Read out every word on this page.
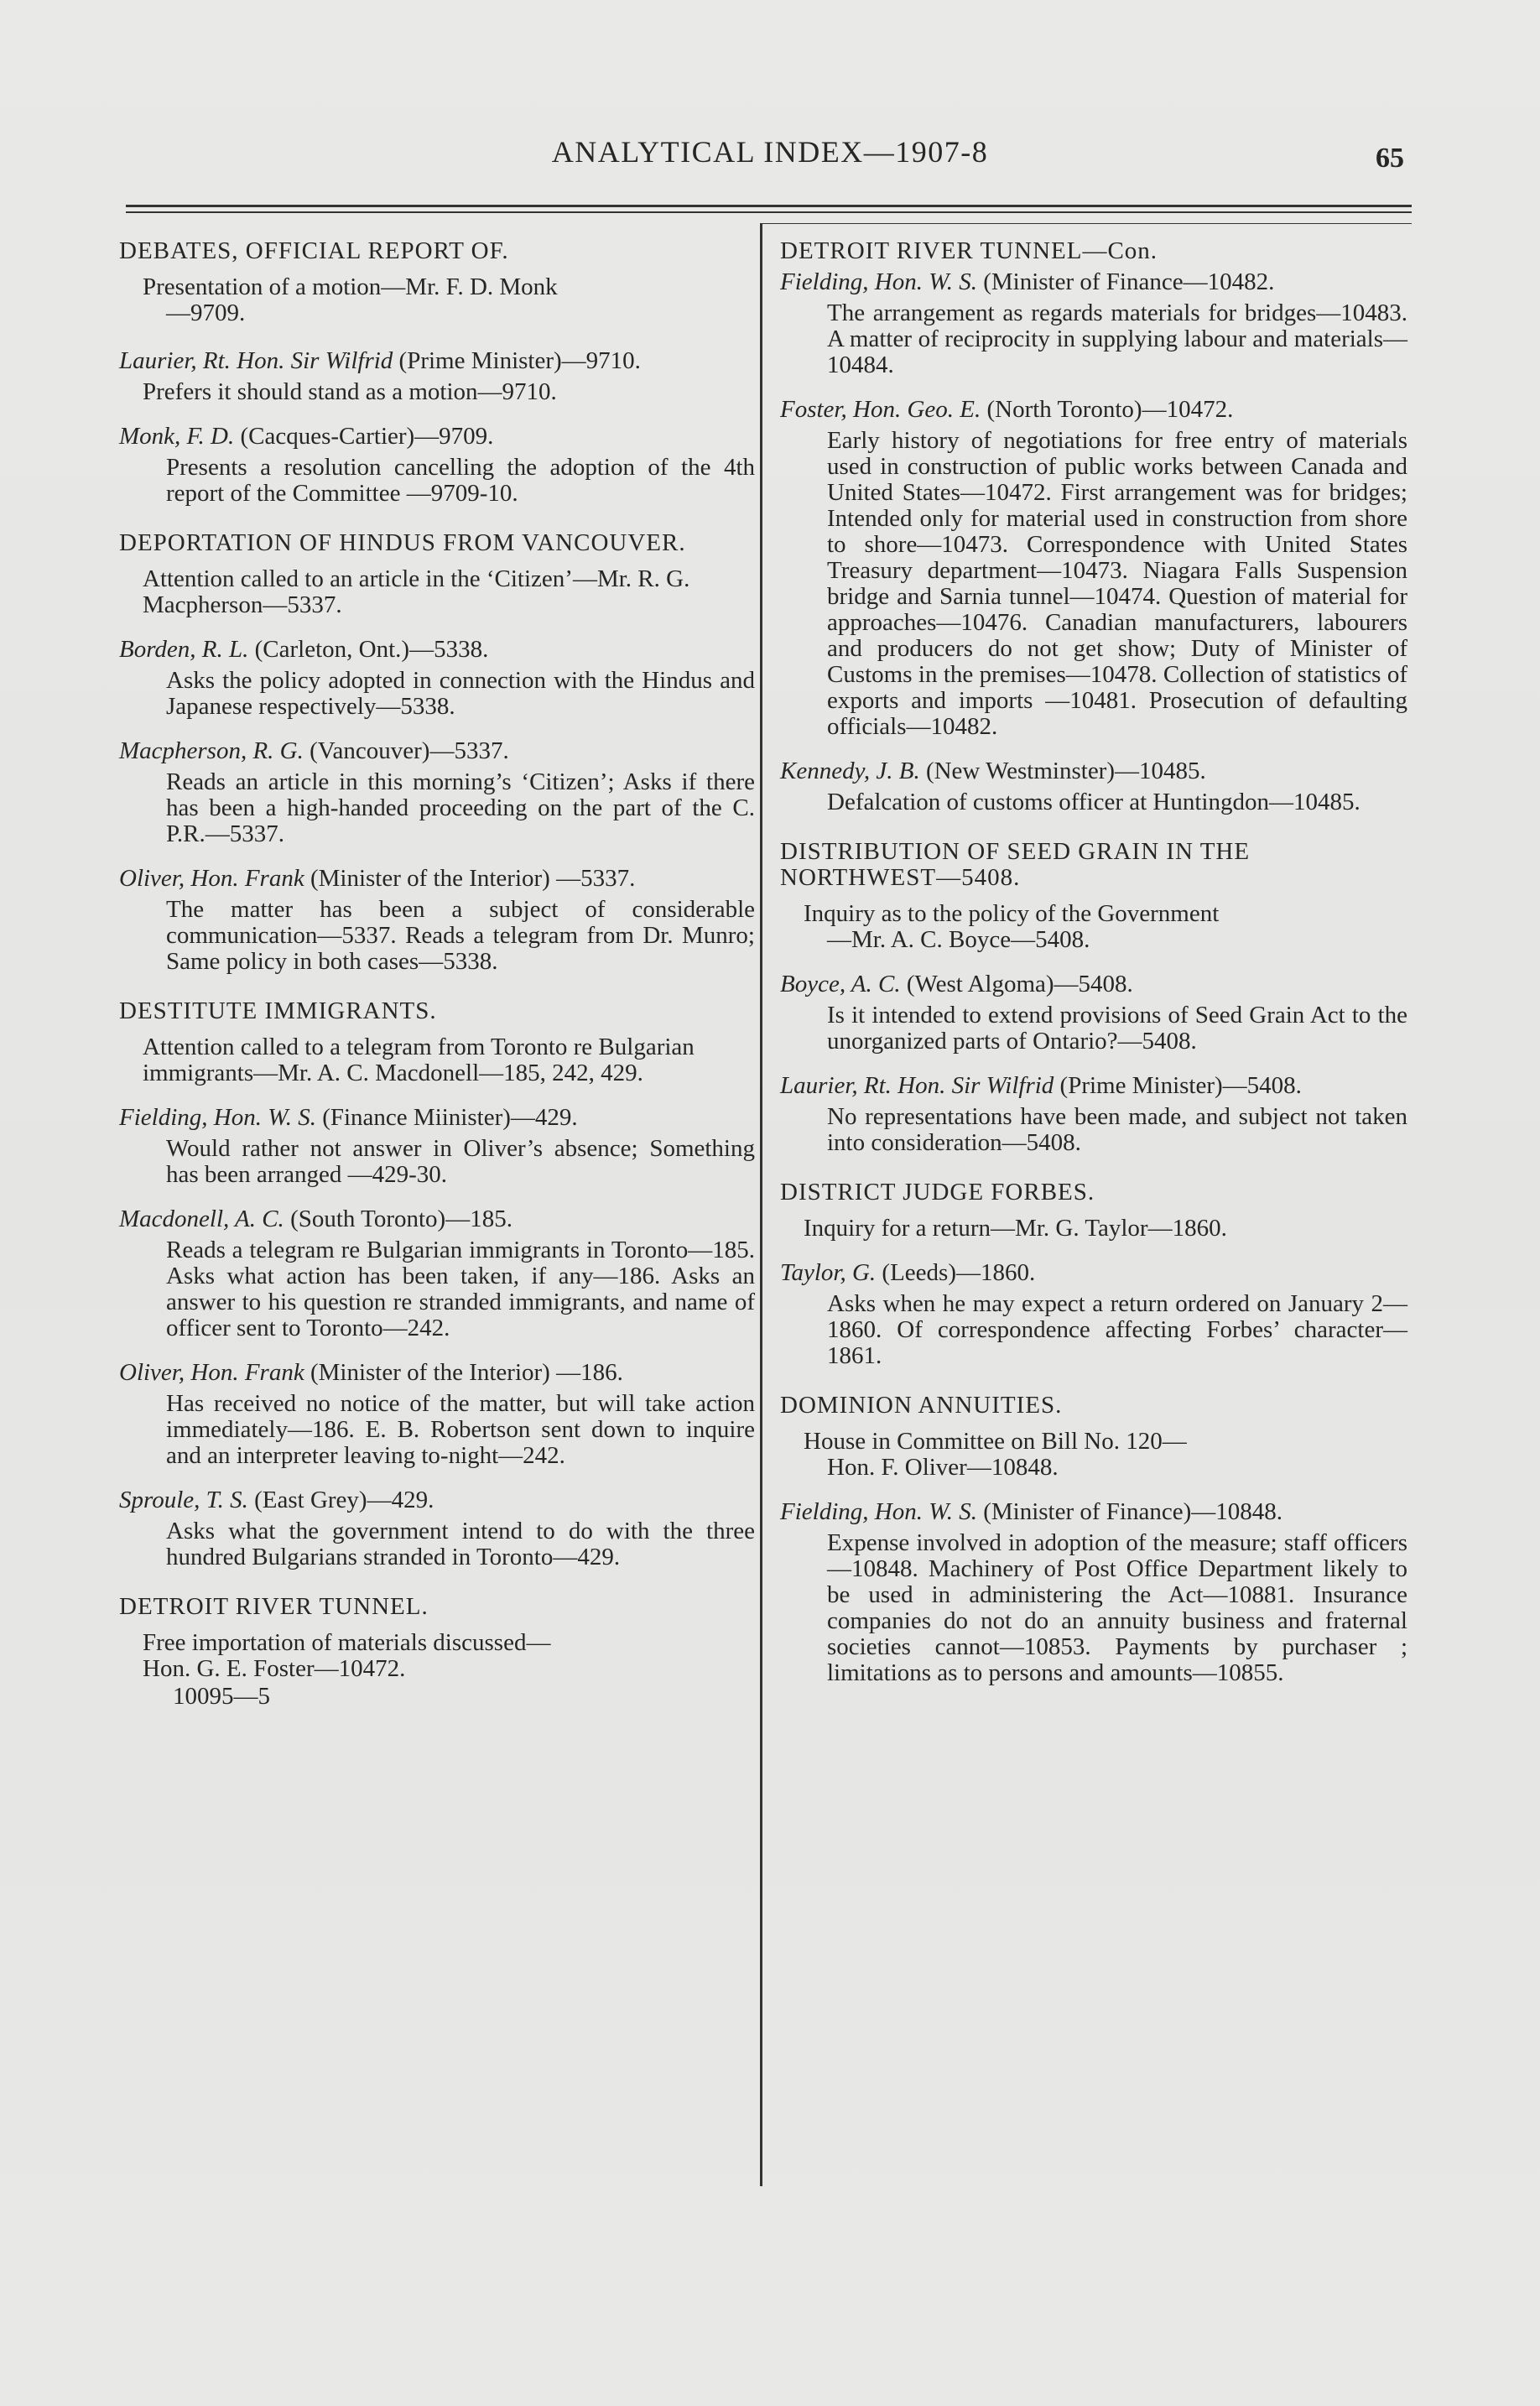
ANALYTICAL INDEX—1907-8	65

DEBATES, OFFICIAL REPORT OF.

Presentation of a motion—Mr. F. D. Monk

—9709.

Laurier, Rt. Hon. Sir Wilfrid (Prime Minister)—9710.

Prefers it should stand as a motion—9710.

Monk, F. D. (Cacques-Cartier)—9709.

Presents a resolution cancelling the adoption of the 4th report of the Committee —9709-10.

DEPORTATION OF HINDUS FROM VANCOUVER.

Attention called to an article in the ‘Citizen’—Mr. R. G. Macpherson—5337.

Borden, R. L. (Carleton, Ont.)—5338.

Asks the policy adopted in connection with the Hindus and Japanese respectively—5338.

Macpherson, R. G. (Vancouver)—5337.

Reads an article in this morning’s ‘Citizen’; Asks if there has been a high-handed proceeding on the part of the C. P.R.—5337.

Oliver, Hon. Frank (Minister of the Interior) —5337.

The matter has been a subject of considerable communication—5337. Reads a telegram from Dr. Munro; Same policy in both cases—5338.

DESTITUTE IMMIGRANTS.

Attention called to a telegram from Toronto re Bulgarian immigrants—Mr. A. C. Macdonell—185, 242, 429.

Fielding, Hon. W. S. (Finance Miinister)—429.

Would rather not answer in Oliver’s absence; Something has been arranged —429-30.

Macdonell, A. C. (South Toronto)—185.

Reads a telegram re Bulgarian immigrants in Toronto—185. Asks what action has been taken, if any—186. Asks an answer to his question re stranded immigrants, and name of officer sent to Toronto—242.

Oliver, Hon. Frank (Minister of the Interior) —186.

Has received no notice of the matter, but will take action immediately—186. E. B. Robertson sent down to inquire and an interpreter leaving to-night—242.

Sproule, T. S. (East Grey)—429.

Asks what the government intend to do with the three hundred Bulgarians stranded in Toronto—429.

DETROIT RIVER TUNNEL.

Free importation of materials discussed—

Hon. G. E. Foster—10472.

10095—5

DETROIT RIVER TUNNEL—Con.

Fielding, Hon. W. S. (Minister of Finance—10482.

The arrangement as regards materials for bridges—10483. A matter of reciprocity in supplying labour and materials—10484.

Foster, Hon. Geo. E. (North Toronto)—10472.

Early history of negotiations for free entry of materials used in construction of public works between Canada and United States—10472. First arrangement was for bridges; Intended only for material used in construction from shore to shore—10473. Correspondence with United States Treasury department—10473. Niagara Falls Suspension bridge and Sarnia tunnel—10474. Question of material for approaches—10476. Canadian manufacturers, labourers and producers do not get show; Duty of Minister of Customs in the premises—10478. Collection of statistics of exports and imports —10481. Prosecution of defaulting officials—10482.

Kennedy, J. B. (New Westminster)—10485.

Defalcation of customs officer at Huntingdon—10485.

DISTRIBUTION OF SEED GRAIN IN THE NORTHWEST—5408.

Inquiry as to the policy of the Government

—Mr. A. C. Boyce—5408.

Boyce, A. C. (West Algoma)—5408.

Is it intended to extend provisions of Seed Grain Act to the unorganized parts of Ontario?—5408.

Laurier, Rt. Hon. Sir Wilfrid (Prime Minister)—5408.

No representations have been made, and subject not taken into consideration—5408.

DISTRICT JUDGE FORBES.

Inquiry for a return—Mr. G. Taylor—1860.

Taylor, G. (Leeds)—1860.

Asks when he may expect a return ordered on January 2—1860. Of correspondence affecting Forbes’ character—1861.

DOMINION ANNUITIES.

House in Committee on Bill No. 120—

Hon. F. Oliver—10848.

Fielding, Hon. W. S. (Minister of Finance)—10848.

Expense involved in adoption of the measure; staff officers—10848. Machinery of Post Office Department likely to be used in administering the Act—10881. Insurance companies do not do an annuity business and fraternal societies cannot—10853. Payments by purchaser ; limitations as to persons and amounts—10855.
